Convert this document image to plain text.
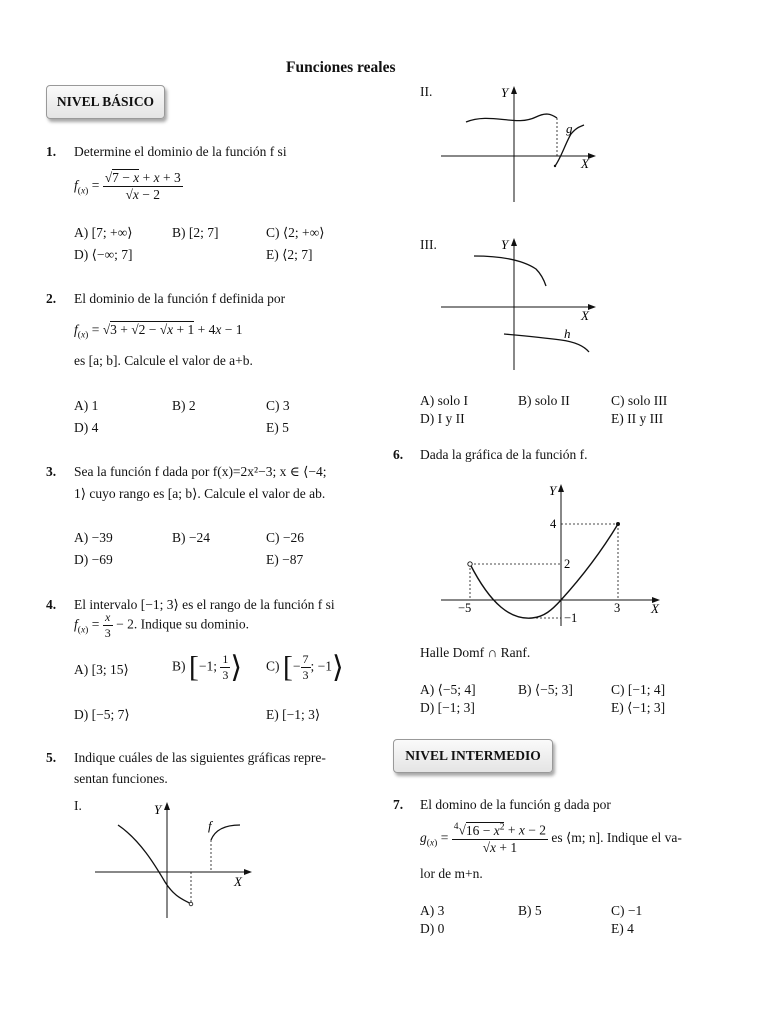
Funciones reales
NIVEL BÁSICO
1. Determine el dominio de la función f si
$f_{(x)} = \frac{√7 - x + x + 3}{√x - 2}$
A) [7; +∞⟩	B) [2; 7]	C) ⟨2; +∞⟩
D) ⟨−∞; 7]	E) ⟨2; 7]
2. El dominio de la función f definida por
$f_{(x)} = √3 + √2 - √x + 1 + 4x - 1$
es [a; b]. Calcule el valor de a+b.
A) 1	B) 2	C) 3
D) 4	E) 5
3. Sea la función f dada por f(x)=2x²−3; x ∈ ⟨−4;
1⟩ cuyo rango es [a; b⟩. Calcule el valor de ab.
A) −39	B) −24	C) −26
D) −69	E) −87
4. El intervalo [−1; 3⟩ es el rango de la función f si
$f_{(x)} = \frac{x}{3} - 2$. Indique su dominio.
A) [3; 15⟩	B) [−1; $\frac{1}{3}$ ⟩ C) [− $\frac{7}{3}$ ; −1⟩
D) [−5; 7⟩	E) [−1; 3⟩
5. Indique cuáles de las siguientes gráficas repre-
sentan funciones.
I.	Y
X
f
II.	Y
X
g
III.	Y
X
h
A) solo I	B) solo II	C) solo III
D) I y II	E) II y III
6. Dada la gráfica de la función f.
Y
X
−5	3
4
2
−1
Halle Domf ∩ Ranf.
A) ⟨−5; 4]	B) ⟨−5; 3]	C) [−1; 4]
D) [−1; 3]	E) ⟨−1; 3]
NIVEL INTERMEDIO
7. El domino de la función g dada por
$g_{(x)} = \frac{^4√16 - x^2 + x - 2}{√x + 1}$ es ⟨m; n]. Indique el va-
lor de m+n.
A) 3	B) 5	C) −1
D) 0	E) 4
